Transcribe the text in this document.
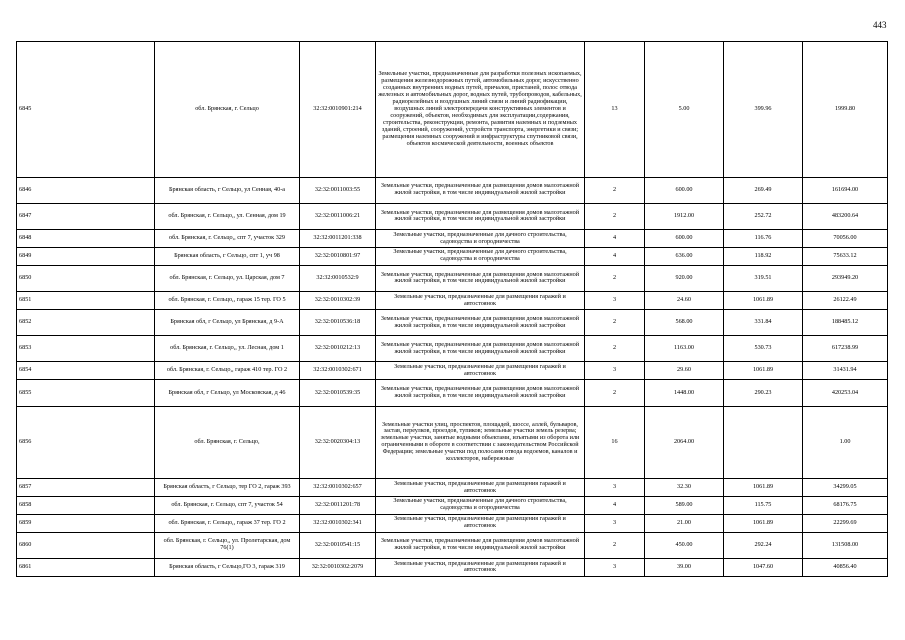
443
6845	обл. Брянская, г. Сельцо	32:32:0010901:214	Земельные участки, предназначенные для разработки полезных ископаемых, размещения железнодорожных путей, автомобильных дорог, искусственно созданных внутренних водных путей, причалов, пристаней, полос отвода железных и автомобильных дорог, водных путей, трубопроводов, кабельных, радиорелейных и воздушных линий связи и линий радиофикации, воздушных линий электропередачи конструктивных элементов и сооружений, объектов, необходимых для эксплуатации,содержания, строительства, реконструкции, ремонта, развития наземных и подземных зданий, строений, сооружений, устройств транспорта, энергетики и связи; размещения наземных сооружений и инфраструктуры спутниковой связи, объектов космической деятельности, военных объектов	13	5.00	399.96	1999.80
6846	Брянская область, г Сельцо, ул Сенная, 40-а	32:32:0011003:55	Земельные участки, предназначенные для размещения домов малоэтажной жилой застройки, в том числе индивидуальной жилой застройки	2	600.00	269.49	161694.00
6847	обл. Брянская, г. Сельцо,, ул. Сенная, дом 19	32:32:0011006:21	Земельные участки, предназначенные для размещения домов малоэтажной жилой застройки, в том числе индивидуальной жилой застройки	2	1912.00	252.72	483200.64
6848	обл. Брянская, г. Сельцо,, спт 7, участок 329	32:32:0011201:338	Земельные участки, предназначенные для дачного строительства, садоводства и огородничества	4	600.00	116.76	70056.00
6849	Брянская область, г Сельцо, спт 1, уч 98	32:32:0010801:97	Земельные участки, предназначенные для дачного строительства, садоводства и огородничества	4	636.00	118.92	75633.12
6850	обл. Брянская, г. Сельцо, ул. Царская, дом 7	32:32:0010532:9	Земельные участки, предназначенные для размещения домов малоэтажной жилой застройки, в том числе индивидуальной жилой застройки	2	920.00	319.51	293949.20
6851	обл. Брянская, г. Сельцо,, гараж 15 тер. ГО 5	32:32:0010302:39	Земельные участки, предназначенные для размещения гаражей и автостоянок	3	24.60	1061.89	26122.49
6852	Брянская обл, г Сельцо, ул Брянская, д 9-А	32:32:0010536:18	Земельные участки, предназначенные для размещения домов малоэтажной жилой застройки, в том числе индивидуальной жилой застройки	2	568.00	331.84	188485.12
6853	обл. Брянская, г. Сельцо,, ул. Лесная, дом 1	32:32:0010212:13	Земельные участки, предназначенные для размещения домов малоэтажной жилой застройки, в том числе индивидуальной жилой застройки	2	1163.00	530.73	617238.99
6854	обл. Брянская, г. Сельцо,, гараж 410 тер. ГО 2	32:32:0010302:671	Земельные участки, предназначенные для размещения гаражей и автостоянок	3	29.60	1061.89	31431.94
6855	Брянская обл, г Сельцо, ул Московская, д 46	32:32:0010539:35	Земельные участки, предназначенные для размещения домов малоэтажной жилой застройки, в том числе индивидуальной жилой застройки	2	1448.00	290.23	420253.04
6856	обл. Брянская, г. Сельцо,	32:32:0020304:13	Земельные участки улиц, проспектов, площадей, шоссе, аллей, бульваров, застав, переулков, проездов, тупиков; земельные участки земель резерва; земельные участки, занятые водными объектами, изъятыми из оборота или ограниченными в обороте в соответствии с законодательством Российской Федерации; земельные участки под полосами отвода водоемов, каналов и коллекторов, набережные	16	2064.00		1.00
6857	Брянская область, г Сельцо, тер ГО 2, гараж 393	32:32:0010302:657	Земельные участки, предназначенные для размещения гаражей и автостоянок	3	32.30	1061.89	34299.05
6858	обл. Брянская, г. Сельцо, спт 7, участок 54	32:32:0011201:78	Земельные участки, предназначенные для дачного строительства, садоводства и огородничества	4	589.00	115.75	68176.75
6859	обл. Брянская, г. Сельцо,, гараж 37 тер. ГО 2	32:32:0010302:341	Земельные участки, предназначенные для размещения гаражей и автостоянок	3	21.00	1061.89	22299.69
6860	обл. Брянская, г. Сельцо,, ул. Пролетарская, дом 76(1)	32:32:0010541:15	Земельные участки, предназначенные для размещения домов малоэтажной жилой застройки, в том числе индивидуальной жилой застройки	2	450.00	292.24	131508.00
6861	Брянская область, г Сельцо,ГО 3, гараж 319	32:32:0010302:2079	Земельные участки, предназначенные для размещения гаражей и автостоянок	3	39.00	1047.60	40856.40
